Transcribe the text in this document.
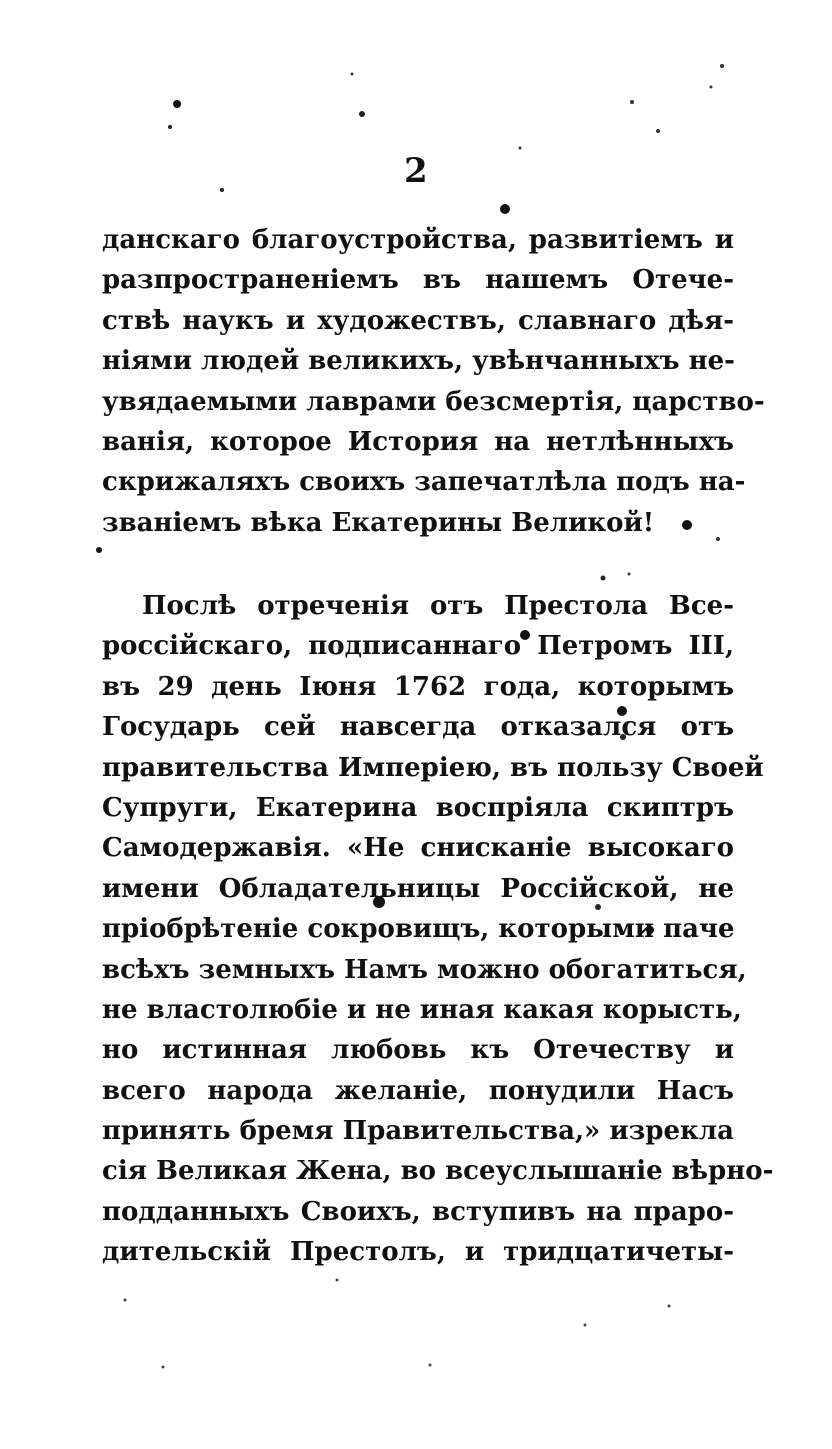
2
данскаго благоустройства, развитіемъ и
разпространеніемъ въ нашемъ Отече-
ствѣ наукъ и художествъ, славнаго дѣя-
ніями людей великихъ, увѣнчанныхъ не-
увядаемыми лаврами безсмертія, царство-
ванія, которое История на нетлѣнныхъ
скрижаляхъ своихъ запечатлѣла подъ на-
званіемъ вѣка Екатерины Великой!
Послѣ отреченія отъ Престола Все-
россійскаго, подписаннаго Петромъ III,
въ 29 день Іюня 1762 года, которымъ
Государь сей навсегда отказался отъ
правительства Имперіею, въ пользу Своей
Супруги, Екатерина воспріяла скиптръ
Самодержавія. «Не снисканіе высокаго
имени Обладательницы Россійской, не
пріобрѣтеніе сокровищъ, которыми паче
всѣхъ земныхъ Намъ можно обогатиться,
не властолюбіе и не иная какая корысть,
но истинная любовь къ Отечеству и
всего народа желаніе, понудили Насъ
принять бремя Правительства,» изрекла
сія Великая Жена, во всеуслышаніе вѣрно-
подданныхъ Своихъ, вступивъ на праро-
дительскій Престолъ, и тридцатичеты-
